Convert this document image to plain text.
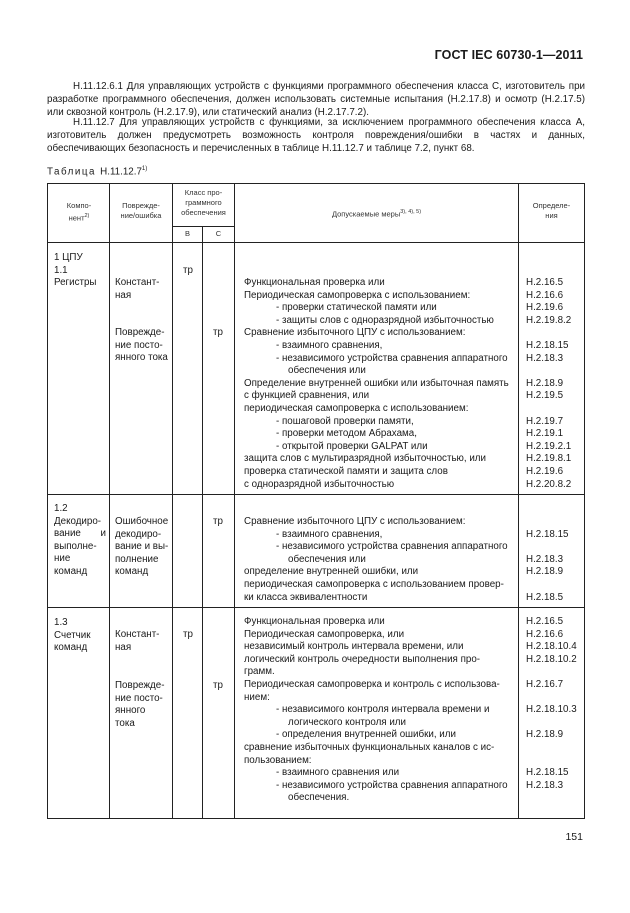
ГОСТ IEC 60730-1—2011
Н.11.12.6.1 Для управляющих устройств с функциями программного обеспечения класса С, изготовитель при разработке программного обеспечения, должен использовать системные испытания (Н.2.17.8) и осмотр (Н.2.17.5) или сквозной контроль (Н.2.17.9), или статический анализ (Н.2.17.7.2).
Н.11.12.7 Для управляющих устройств с функциями, за исключением программного обеспечения класса А, изготовитель должен предусмотреть возможность контроля повреждения/ошибки в частях и данных, обеспечивающих безопасность и перечисленных в таблице Н.11.12.7 и таблице 7.2, пункт 68.
Таблица Н.11.12.7$^{1)}$
Компо-
нент$^{2)}$
Поврежде-
ние/ошибка
Класс про-
граммного
обеспечения
B	C
Допускаемые меры$^{3), 4), 5)}$
Определе-
ния
1 ЦПУ
1.1
Регистры Констант-
ная
Поврежде-
ние посто-
янного тока
тр
тр
Функциональная проверка или
Периодическая самопроверка с использованием:
- проверки статической памяти или
- защиты слов с одноразрядной избыточностью
Сравнение избыточного ЦПУ с использованием:
- взаимного сравнения,
- независимого устройства сравнения аппаратного
обеспечения или
Определение внутренней ошибки или избыточная память
с функцией сравнения, или
периодическая самопроверка с использованием:
- пошаговой проверки памяти,
- проверки методом Абрахама,
- открытой проверки GALPAT или
защита слов с мультиразрядной избыточностью, или
проверка статической памяти и защита слов
с одноразрядной избыточностью
Н.2.16.5
Н.2.16.6
Н.2.19.6
Н.2.19.8.2
Н.2.18.15
Н.2.18.3
Н.2.18.9
Н.2.19.5
Н.2.19.7
Н.2.19.1
Н.2.19.2.1
Н.2.19.8.1
Н.2.19.6
Н.2.20.8.2
1.2
Декодиро-
вание и
выполне-
ние
команд
Ошибочное
декодиро-
вание и вы-
полнение
команд
тр Сравнение избыточного ЦПУ с использованием:
- взаимного сравнения,
- независимого устройства сравнения аппаратного
обеспечения или
определение внутренней ошибки, или
периодическая самопроверка с использованием провер-
ки класса эквивалентности
Н.2.18.15
Н.2.18.3
Н.2.18.9
Н.2.18.5
1.3
Счетчик
команд
Констант-
ная
Поврежде-
ние посто-
янного
тока
тр
тр
Функциональная проверка или
Периодическая самопроверка, или
независимый контроль интервала времени, или
логический контроль очередности выполнения про-
грамм.
Периодическая самопроверка и контроль с использова-
нием:
- независимого контроля интервала времени и
логического контроля или
- определения внутренней ошибки, или
сравнение избыточных функциональных каналов с ис-
пользованием:
- взаимного сравнения или
- независимого устройства сравнения аппаратного
обеспечения.
Н.2.16.5
Н.2.16.6
Н.2.18.10.4
Н.2.18.10.2
Н.2.16.7
Н.2.18.10.3
Н.2.18.9
Н.2.18.15
Н.2.18.3
151
